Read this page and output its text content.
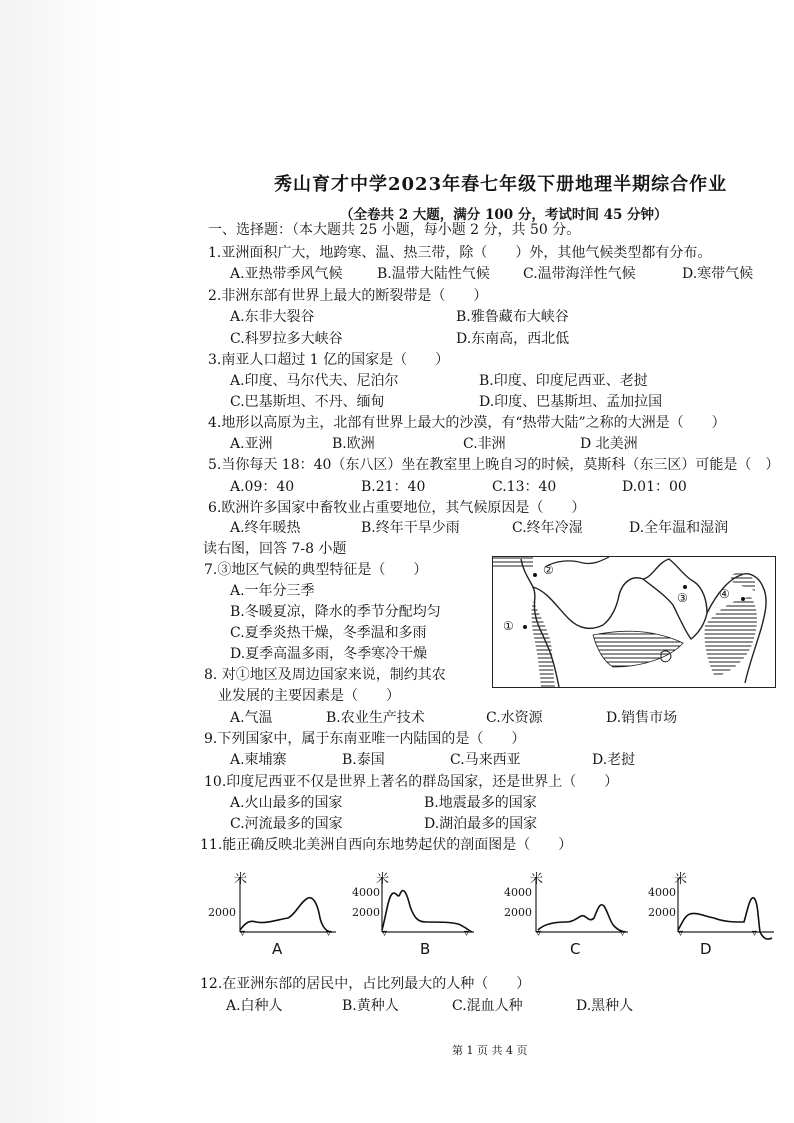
秀山育才中学2023年春七年级下册地理半期综合作业
（全卷共 2 大题，满分 100 分，考试时间 45 分钟）
一、选择题：（本大题共 25 小题，每小题 2 分，共 50 分。
1.亚洲面积广大，地跨寒、温、热三带，除（　　）外，其他气候类型都有分布。
A.亚热带季风气候 B.温带大陆性气候 C.温带海洋性气候	D.寒带气候
2.非洲东部有世界上最大的断裂带是（　　）
A.东非大裂谷	B.雅鲁藏布大峡谷
C.科罗拉多大峡谷	D.东南高，西北低
3.南亚人口超过 1 亿的国家是（　　）
A.印度、马尔代夫、尼泊尔	B.印度、印度尼西亚、老挝
C.巴基斯坦、不丹、缅甸	D.印度、巴基斯坦、孟加拉国
4.地形以高原为主，北部有世界上最大的沙漠，有“热带大陆”之称的大洲是（　　）
A.亚洲	B.欧洲	C.非洲	D 北美洲
5.当你每天 18：40（东八区）坐在教室里上晚自习的时候，莫斯科（东三区）可能是（　）
A.09：40	B.21：40	C.13：40	D.01：00
6.欧洲许多国家中畜牧业占重要地位，其气候原因是（　　）
A.终年暖热	B.终年干旱少雨	C.终年冷湿	D.全年温和湿润
读右图，回答 7-8 小题
7.③地区气候的典型特征是（　　）
A.一年分三季
B.冬暖夏凉，降水的季节分配均匀
C.夏季炎热干燥，冬季温和多雨
D.夏季高温多雨，冬季寒冷干燥
①
②
③	④
8. 对①地区及周边国家来说，制约其农
业发展的主要因素是（　　）
A.气温	B.农业生产技术	C.水资源	D.销售市场
9.下列国家中，属于东南亚唯一内陆国的是（　　）
A.柬埔寨	B.泰国	C.马来西亚	D.老挝
10.印度尼西亚不仅是世界上著名的群岛国家，还是世界上（　　）
A.火山最多的国家	B.地震最多的国家
C.河流最多的国家	D.湖泊最多的国家
11.能正确反映北美洲自西向东地势起伏的剖面图是（　　）
▿	▿
米
2000
A
▿	▿
米
4000
2000
B
▿	▿
米
4000
2000
C
▿	▿
米
4000
2000
D
12.在亚洲东部的居民中，占比列最大的人种（　　）
A.白种人	B.黄种人	C.混血人种	D.黑种人
第 1 页 共 4 页
